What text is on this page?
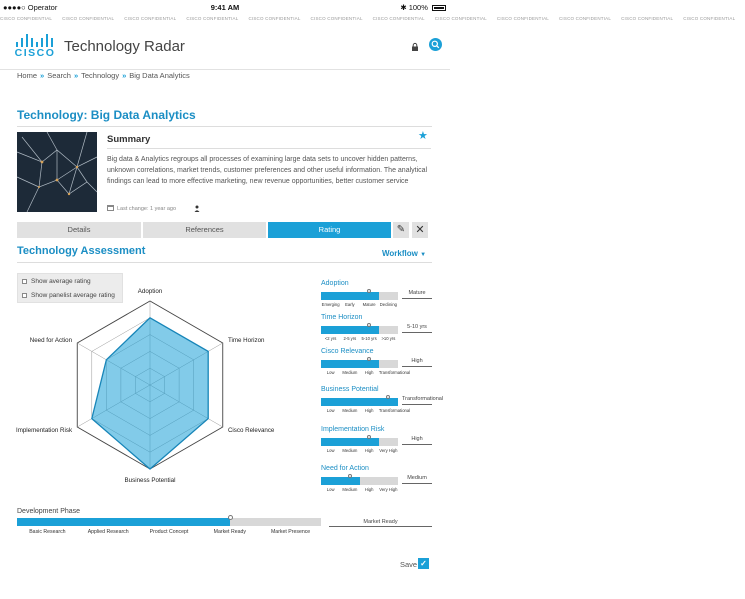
●●●●○ Operator	9:41 AM	✱ 100%
CISCO CONFIDENTIAL CISCO CONFIDENTIAL CISCO CONFIDENTIAL CISCO CONFIDENTIAL CISCO CONFIDENTIAL CISCO CONFIDENTIAL CISCO CONFIDENTIAL CISCO CONFIDENTIAL CISCO CONFIDENTIAL CISCO CONFIDENTIAL CISCO CONFIDENTIAL CISCO CONFIDENTIAL
CISCO Technology Radar
Home » Search » Technology » Big Data Analytics
Technology: Big Data Analytics
Summary	★
Big data & Analytics regroups all processes of examining large data sets to uncover hidden patterns, unknown correlations, market trends, customer preferences and other useful information. The analytical findings can lead to more effective marketing, new revenue opportunities, better customer service
Last change: 1 year ago
Details	References	Rating	✎ ✕
Technology Assessment	Workflow ▼
Show average rating
Show panelist average rating
Adoption
Time Horizon
Cisco Relevance
Business Potential
Implementation Risk
Need for Action
Adoption
Emerging	Early	Mature Declining
Mature
Time Horizon
<2 yrs	2-5 yrs	5-10 yrs	>10 yrs
5-10 yrs
Cisco Relevance
Low	Medium	High	Transformational
High
Business Potential
Low	Medium	High	Transformational
Transformational
Implementation Risk
Low	Medium	High	Very High
High
Need for Action
Low	Medium	High	Very High
Medium
Development Phase
Basic Research	Applied Research	Product Concept	Market Ready	Market Presence
Market Ready
Save ✓
